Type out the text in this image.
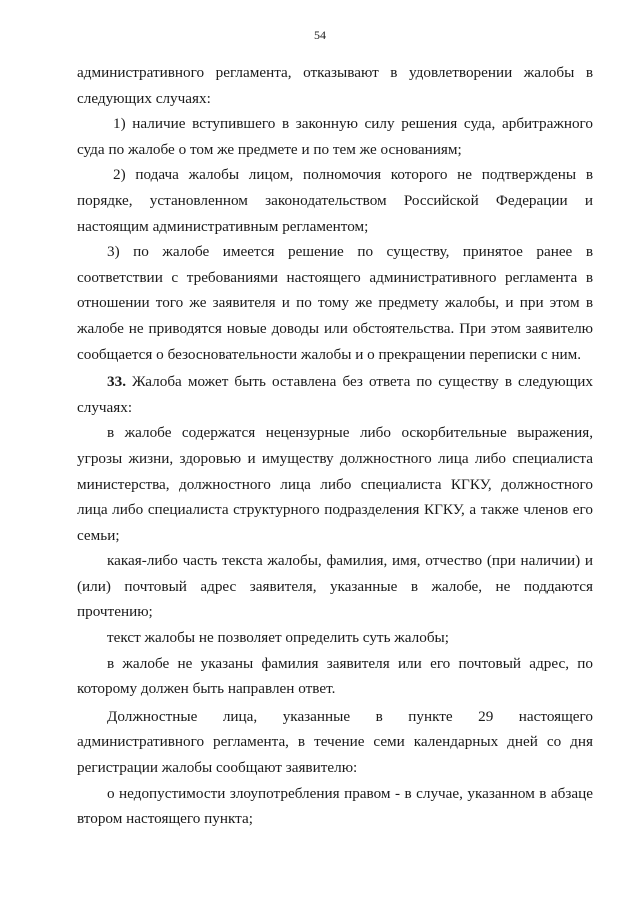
54

административного регламента, отказывают в удовлетворении жалобы в следующих случаях:

1) наличие вступившего в законную силу решения суда, арбитражного суда по жалобе о том же предмете и по тем же основаниям;

2) подача жалобы лицом, полномочия которого не подтверждены в порядке, установленном законодательством Российской Федерации и настоящим административным регламентом;

3) по жалобе имеется решение по существу, принятое ранее в соответствии с требованиями настоящего административного регламента в отношении того же заявителя и по тому же предмету жалобы, и при этом в жалобе не приводятся новые доводы или обстоятельства. При этом заявителю сообщается о безосновательности жалобы и о прекращении переписки с ним.

33. Жалоба может быть оставлена без ответа по существу в следующих случаях:

в жалобе содержатся нецензурные либо оскорбительные выражения, угрозы жизни, здоровью и имуществу должностного лица либо специалиста министерства, должностного лица либо специалиста КГКУ, должностного лица либо специалиста структурного подразделения КГКУ, а также членов его семьи;

какая-либо часть текста жалобы, фамилия, имя, отчество (при наличии) и (или) почтовый адрес заявителя, указанные в жалобе, не поддаются прочтению;

текст жалобы не позволяет определить суть жалобы;

в жалобе не указаны фамилия заявителя или его почтовый адрес, по которому должен быть направлен ответ.

Должностные лица, указанные в пункте 29 настоящего административного регламента, в течение семи календарных дней со дня регистрации жалобы сообщают заявителю:

о недопустимости злоупотребления правом - в случае, указанном в абзаце втором настоящего пункта;
